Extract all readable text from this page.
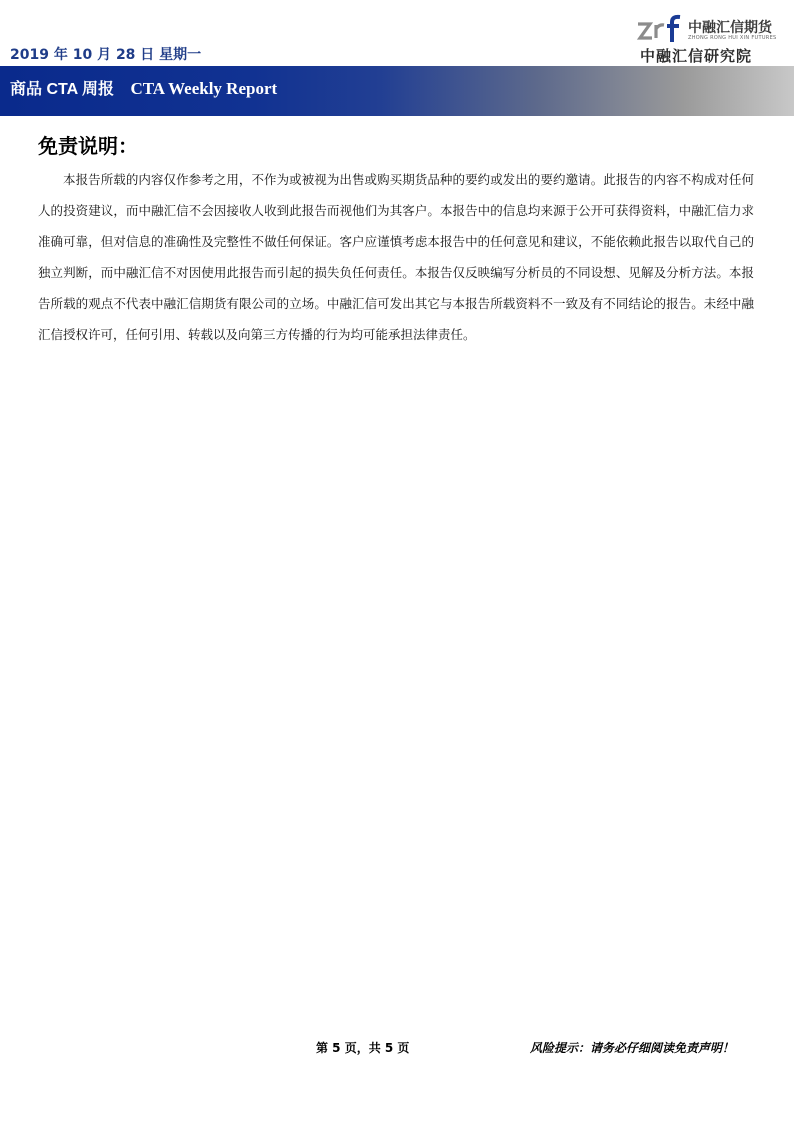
2019 年 10 月 28 日 星期一
中融汇信期货
ZHONG RONG HUI XIN FUTURES
中融汇信研究院
商品 CTA 周报 CTA Weekly Report
免责说明：

本报告所载的内容仅作参考之用，不作为或被视为出售或购买期货品种的要约或发出的要约邀请。此报告的内容不构成对任何人的投资建议，而中融汇信不会因接收人收到此报告而视他们为其客户。本报告中的信息均来源于公开可获得资料，中融汇信力求准确可靠，但对信息的准确性及完整性不做任何保证。客户应谨慎考虑本报告中的任何意见和建议，不能依赖此报告以取代自己的独立判断，而中融汇信不对因使用此报告而引起的损失负任何责任。本报告仅反映编写分析员的不同设想、见解及分析方法。本报告所载的观点不代表中融汇信期货有限公司的立场。中融汇信可发出其它与本报告所载资料不一致及有不同结论的报告。未经中融汇信授权许可，任何引用、转载以及向第三方传播的行为均可能承担法律责任。

第 5 页，共 5 页	风险提示：请务必仔细阅读免责声明！
